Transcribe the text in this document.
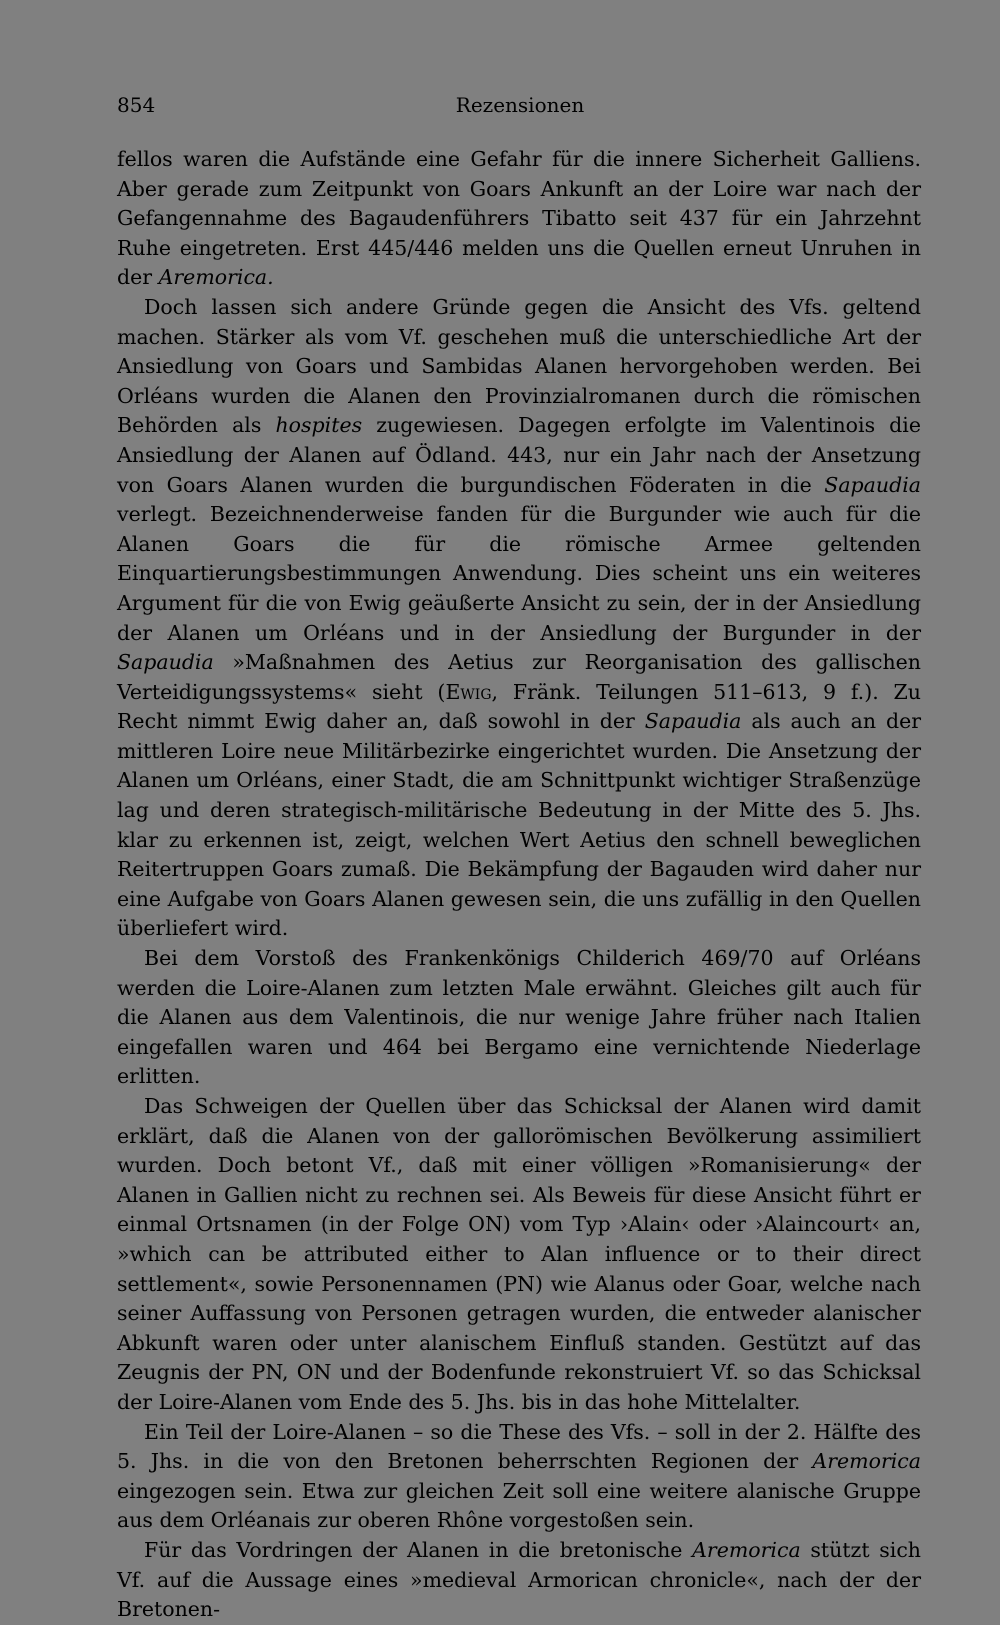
854	Rezensionen

fellos waren die Aufstände eine Gefahr für die innere Sicherheit Galliens. Aber gerade zum Zeitpunkt von Goars Ankunft an der Loire war nach der Gefangennahme des Bagaudenführers Tibatto seit 437 für ein Jahrzehnt Ruhe eingetreten. Erst 445/446 melden uns die Quellen erneut Unruhen in der Aremorica.

Doch lassen sich andere Gründe gegen die Ansicht des Vfs. geltend machen. Stärker als vom Vf. geschehen muß die unterschiedliche Art der Ansiedlung von Goars und Sambidas Alanen hervorgehoben werden. Bei Orléans wurden die Alanen den Provinzialromanen durch die römischen Behörden als hospites zugewiesen. Dagegen erfolgte im Valentinois die Ansiedlung der Alanen auf Ödland. 443, nur ein Jahr nach der Ansetzung von Goars Alanen wurden die burgundischen Föderaten in die Sapaudia verlegt. Bezeichnenderweise fanden für die Burgunder wie auch für die Alanen Goars die für die römische Armee geltenden Einquartierungsbestimmungen Anwendung. Dies scheint uns ein weiteres Argument für die von Ewig geäußerte Ansicht zu sein, der in der Ansiedlung der Alanen um Orléans und in der Ansiedlung der Burgunder in der Sapaudia »Maßnahmen des Aetius zur Reorganisation des gallischen Verteidigungssystems« sieht (Ewig, Fränk. Teilungen 511–613, 9 f.). Zu Recht nimmt Ewig daher an, daß sowohl in der Sapaudia als auch an der mittleren Loire neue Militärbezirke eingerichtet wurden. Die Ansetzung der Alanen um Orléans, einer Stadt, die am Schnittpunkt wichtiger Straßenzüge lag und deren strategisch-militärische Bedeutung in der Mitte des 5. Jhs. klar zu erkennen ist, zeigt, welchen Wert Aetius den schnell beweglichen Reitertruppen Goars zumaß. Die Bekämpfung der Bagauden wird daher nur eine Aufgabe von Goars Alanen gewesen sein, die uns zufällig in den Quellen überliefert wird.

Bei dem Vorstoß des Frankenkönigs Childerich 469/70 auf Orléans werden die Loire-Alanen zum letzten Male erwähnt. Gleiches gilt auch für die Alanen aus dem Valentinois, die nur wenige Jahre früher nach Italien eingefallen waren und 464 bei Bergamo eine vernichtende Niederlage erlitten.

Das Schweigen der Quellen über das Schicksal der Alanen wird damit erklärt, daß die Alanen von der gallorömischen Bevölkerung assimiliert wurden. Doch betont Vf., daß mit einer völligen »Romanisierung« der Alanen in Gallien nicht zu rechnen sei. Als Beweis für diese Ansicht führt er einmal Ortsnamen (in der Folge ON) vom Typ ›Alain‹ oder ›Alaincourt‹ an, »which can be attributed either to Alan influence or to their direct settlement«, sowie Personennamen (PN) wie Alanus oder Goar, welche nach seiner Auffassung von Personen getragen wurden, die entweder alanischer Abkunft waren oder unter alanischem Einfluß standen. Gestützt auf das Zeugnis der PN, ON und der Bodenfunde rekonstruiert Vf. so das Schicksal der Loire-Alanen vom Ende des 5. Jhs. bis in das hohe Mittelalter.

Ein Teil der Loire-Alanen – so die These des Vfs. – soll in der 2. Hälfte des 5. Jhs. in die von den Bretonen beherrschten Regionen der Aremorica eingezogen sein. Etwa zur gleichen Zeit soll eine weitere alanische Gruppe aus dem Orléanais zur oberen Rhône vorgestoßen sein.

Für das Vordringen der Alanen in die bretonische Aremorica stützt sich Vf. auf die Aussage eines »medieval Armorican chronicle«, nach der der Bretonen-
